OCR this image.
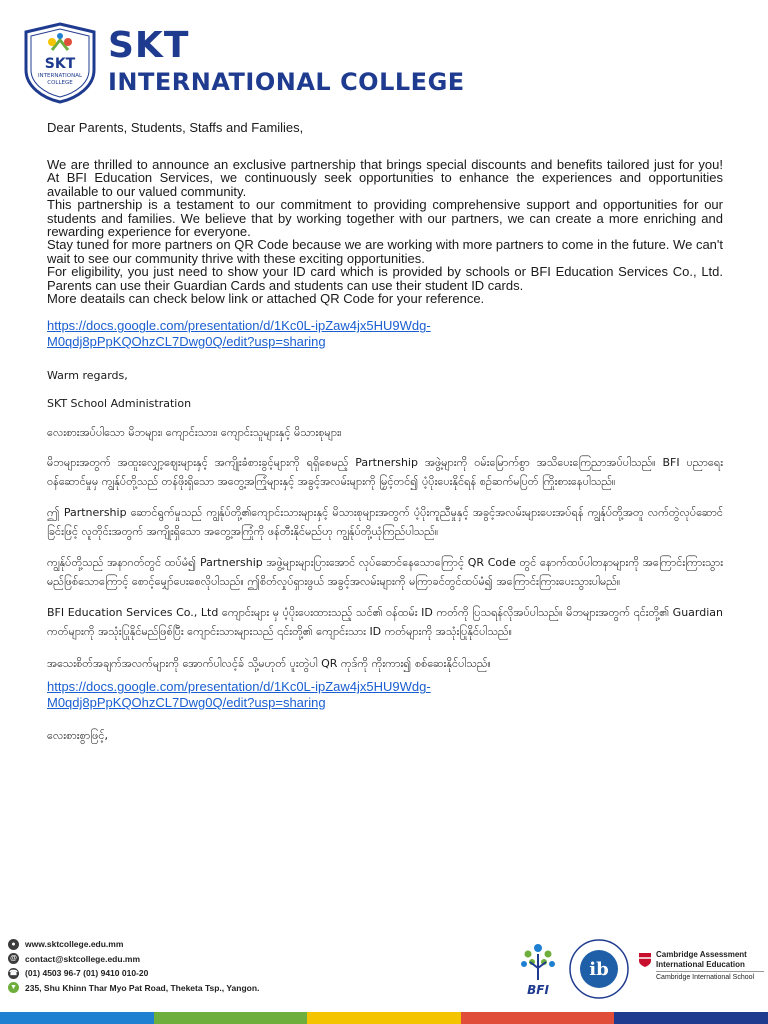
SKT
INTERNATIONAL
COLLEGE
SKT
INTERNATIONAL COLLEGE
Dear Parents, Students, Staffs and Families,
We are thrilled to announce an exclusive partnership that brings special discounts and benefits tailored just for you! At BFI Education Services, we continuously seek opportunities to enhance the experiences and opportunities available to our valued community.
This partnership is a testament to our commitment to providing comprehensive support and opportunities for our students and families. We believe that by working together with our partners, we can create a more enriching and rewarding experience for everyone.
Stay tuned for more partners on QR Code because we are working with more partners to come in the future. We can't wait to see our community thrive with these exciting opportunities.
For eligibility, you just need to show your ID card which is provided by schools or BFI Education Services Co., Ltd. Parents can use their Guardian Cards and students can use their student ID cards.
More deatails can check below link or attached QR Code for your reference.
https://docs.google.com/presentation/d/1Kc0L-ipZaw4jx5HU9Wdg-
M0qdj8pPpKQOhzCL7Dwg0Q/edit?usp=sharing
Warm regards,
SKT School Administration
လေးစားအပ်ပါသော မိဘများ၊ ကျောင်းသား၊ ကျောင်းသူများနှင့် မိသားစုများ၊
မိဘများအတွက် အထူးလျှော့ဈေးများနှင့် အကျိုးခံစားခွင့်များကို ရရှိစေမည့် Partnership အဖွဲ့များကို ဝမ်းမြောက်စွာ အသိပေးကြေညာအပ်ပါသည်။ BFI ပညာရေးဝန်ဆောင်မှုမှ ကျွန်ုပ်တို့သည် တန်ဖိုးရှိသော အတွေ့အကြုံများနှင့် အခွင့်အလမ်းများကို မြှင့်တင်၍ ပံ့ပိုးပေးနိုင်ရန် စဉ်ဆက်မပြတ် ကြိုးစားနေပါသည်။
ဤ Partnership ဆောင်ရွက်မှုသည် ကျွန်ုပ်တို့၏ကျောင်းသားများနှင့် မိသားစုများအတွက် ပံ့ပိုးကူညီမှုနှင့် အခွင့်အလမ်းများပေးအပ်ရန် ကျွန်ုပ်တို့အတူ လက်တွဲလုပ်ဆောင်ခြင်းဖြင့် လူတိုင်းအတွက် အကျိုးရှိသော အတွေ့အကြုံကို ဖန်တီးနိုင်မည်ဟု ကျွန်ုပ်တို့ယုံကြည်ပါသည်။
ကျွန်ုပ်တို့သည် အနာဂတ်တွင် ထပ်မံ၍ Partnership အဖွဲ့များများပြားအောင် လုပ်ဆောင်နေသောကြောင့် QR Code တွင် နောက်ထပ်ပါတနာများကို အကြောင်းကြားသွားမည်ဖြစ်သောကြောင့် စောင့်မျှော်ပေးစေလိုပါသည်။ ဤစိတ်လှုပ်ရှားဖွယ် အခွင့်အလမ်းများကို မကြာခင်တွင်ထပ်မံ၍ အကြောင်းကြားပေးသွားပါမည်။
BFI Education Services Co., Ltd ကျောင်းများ မှ ပံ့ပိုးပေးထားသည့် သင်၏ ဝန်ထမ်း ID ကတ်ကို ပြသရန်လိုအပ်ပါသည်။ မိဘများအတွက် ၎င်းတို့၏ Guardian ကတ်များကို အသုံးပြုနိုင်မည်ဖြစ်ပြီး ကျောင်းသားများသည် ၎င်းတို့၏ ကျောင်းသား ID ကတ်များကို အသုံးပြုနိုင်ပါသည်။
အသေးစိတ်အချက်အလက်များကို အောက်ပါလင့်ခ် သို့မဟုတ် ပူးတွဲပါ QR ကုဒ်ကို ကိုးကား၍ စစ်ဆေးနိုင်ပါသည်။
https://docs.google.com/presentation/d/1Kc0L-ipZaw4jx5HU9Wdg-
M0qdj8pPpKQOhzCL7Dwg0Q/edit?usp=sharing
လေးစားစွာဖြင့်,
●	www.sktcollege.edu.mm
@ contact@sktcollege.edu.mm
☎ (01) 4503 96-7 (01) 9410 010-20
▼ 235, Shu Khinn Thar Myo Pat Road, Theketa Tsp., Yangon.	BFI
ib
Cambridge Assessment
International Education
Cambridge International School
